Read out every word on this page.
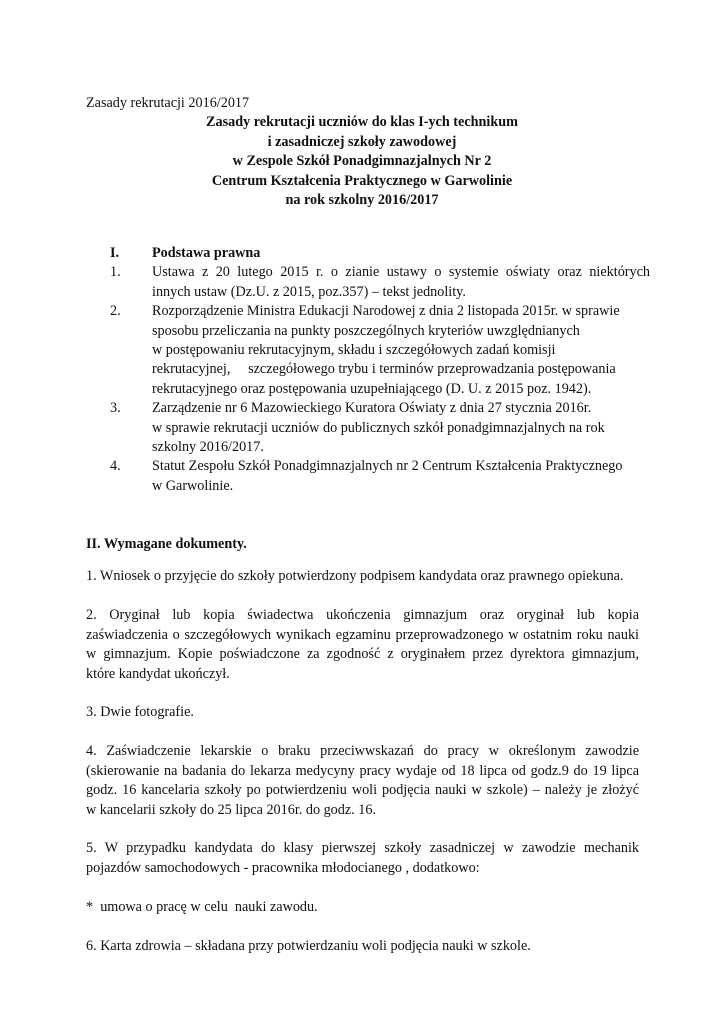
Zasady rekrutacji 2016/2017
Zasady rekrutacji uczniów do klas I-ych technikum
i zasadniczej szkoły zawodowej
w Zespole Szkół Ponadgimnazjalnych Nr 2
Centrum Kształcenia Praktycznego w Garwolinie
na rok szkolny 2016/2017
I.	Podstawa prawna
1.	Ustawa z 20 lutego 2015 r. o zianie ustawy o systemie oświaty oraz niektórych
innych ustaw (Dz.U. z 2015, poz.357) – tekst jednolity.
2.	Rozporządzenie Ministra Edukacji Narodowej z dnia 2 listopada 2015r. w sprawie
sposobu przeliczania na punkty poszczególnych kryteriów uwzględnianych
w postępowaniu rekrutacyjnym, składu i szczegółowych zadań komisji
rekrutacyjnej,     szczegółowego trybu i terminów przeprowadzania postępowania
rekrutacyjnego oraz postępowania uzupełniającego (D. U. z 2015 poz. 1942).
3.	Zarządzenie nr 6 Mazowieckiego Kuratora Oświaty z dnia 27 stycznia 2016r.
w sprawie rekrutacji uczniów do publicznych szkół ponadgimnazjalnych na rok
szkolny 2016/2017.
4.	Statut Zespołu Szkół Ponadgimnazjalnych nr 2 Centrum Kształcenia Praktycznego
w Garwolinie.
II. Wymagane dokumenty.

1. Wniosek o przyjęcie do szkoły potwierdzony podpisem kandydata oraz prawnego opiekuna.

2. Oryginał lub kopia świadectwa ukończenia gimnazjum oraz oryginał lub kopia
zaświadczenia o szczegółowych wynikach egzaminu przeprowadzonego w ostatnim roku nauki
w gimnazjum. Kopie poświadczone za zgodność z oryginałem przez dyrektora gimnazjum,
które kandydat ukończył.

3. Dwie fotografie.

4. Zaświadczenie lekarskie o braku przeciwwskazań do pracy w określonym zawodzie
(skierowanie na badania do lekarza medycyny pracy wydaje od 18 lipca od godz.9 do 19 lipca
godz. 16 kancelaria szkoły po potwierdzeniu woli podjęcia nauki w szkole) – należy je złożyć
w kancelarii szkoły do 25 lipca 2016r. do godz. 16.
5. W przypadku kandydata do klasy pierwszej szkoły zasadniczej w zawodzie mechanik
pojazdów samochodowych - pracownika młodocianego , dodatkowo:

*  umowa o pracę w celu  nauki zawodu.

6. Karta zdrowia – składana przy potwierdzaniu woli podjęcia nauki w szkole.
